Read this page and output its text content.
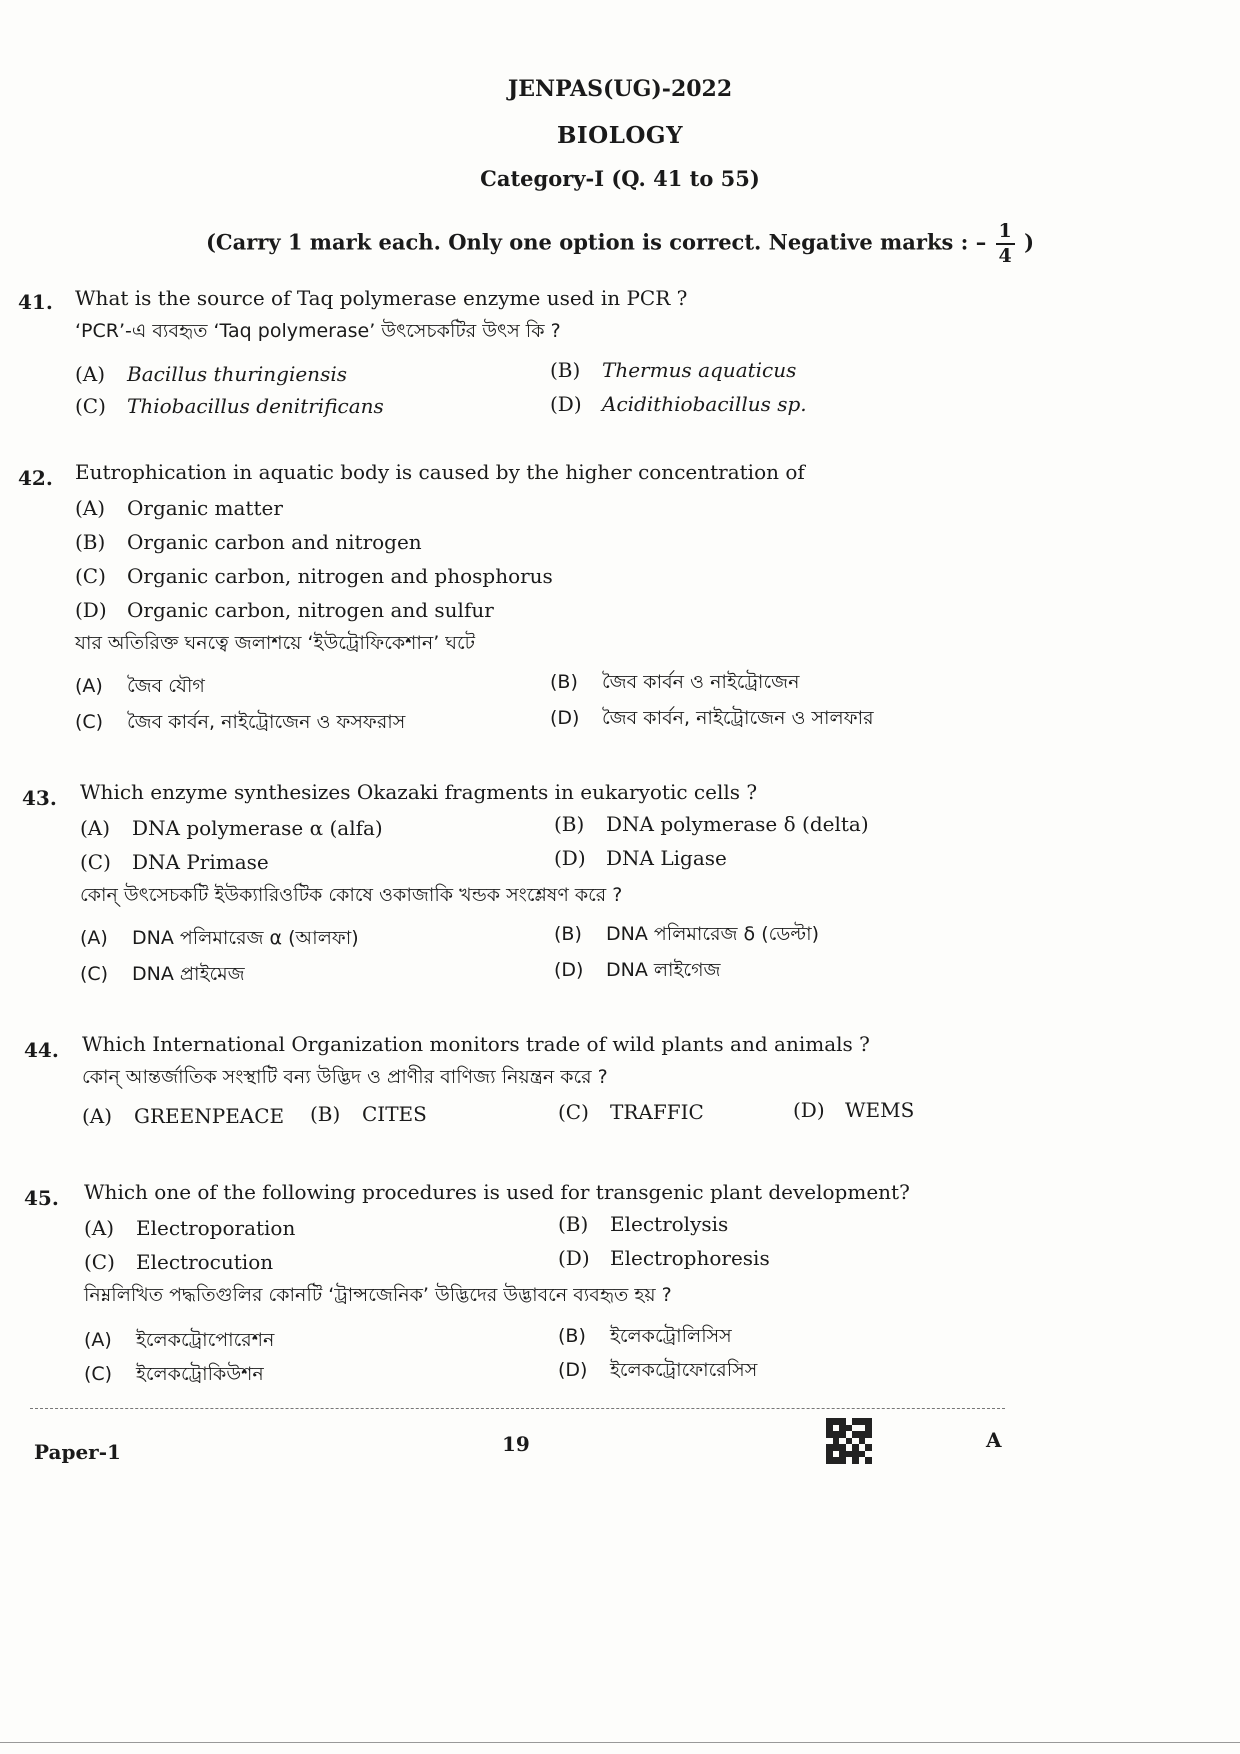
JENPAS(UG)-2022
BIOLOGY
Category-I (Q. 41 to 55)
(Carry 1 mark each. Only one option is correct. Negative marks : – $\frac{1}{4}$ )
41. What is the source of Taq polymerase enzyme used in PCR ?
‘PCR’-এ ব্যবহৃত ‘Taq polymerase’ উৎসেচকটির উৎস কি ?
(A) Bacillus thuringiensis	(B) Thermus aquaticus
(C) Thiobacillus denitrificans	(D) Acidithiobacillus sp.
42. Eutrophication in aquatic body is caused by the higher concentration of
(A) Organic matter
(B) Organic carbon and nitrogen
(C) Organic carbon, nitrogen and phosphorus
(D) Organic carbon, nitrogen and sulfur
যার অতিরিক্ত ঘনত্বে জলাশয়ে ‘ইউট্রোফিকেশান’ ঘটে
(A) জৈব যৌগ	(B) জৈব কার্বন ও নাইট্রোজেন
(C) জৈব কার্বন, নাইট্রোজেন ও ফসফরাস	(D) জৈব কার্বন, নাইট্রোজেন ও সালফার
43. Which enzyme synthesizes Okazaki fragments in eukaryotic cells ?
(A) DNA polymerase α (alfa)	(B) DNA polymerase δ (delta)
(C) DNA Primase	(D) DNA Ligase
কোন্ উৎসেচকটি ইউক্যারিওটিক কোষে ওকাজাকি খন্ডক সংশ্লেষণ করে ?
(A) DNA পলিমারেজ α (আলফা)	(B) DNA পলিমারেজ δ (ডেল্টা)
(C) DNA প্রাইমেজ	(D) DNA লাইগেজ
44. Which International Organization monitors trade of wild plants and animals ?
কোন্ আন্তর্জাতিক সংস্থাটি বন্য উদ্ভিদ ও প্রাণীর বাণিজ্য নিয়ন্ত্রন করে ?
(A) GREENPEACE (B) CITES	(C) TRAFFIC	(D) WEMS
45. Which one of the following procedures is used for transgenic plant development?
(A) Electroporation	(B) Electrolysis
(C) Electrocution	(D) Electrophoresis
নিম্নলিখিত পদ্ধতিগুলির কোনটি ‘ট্রান্সজেনিক’ উদ্ভিদের উদ্ভাবনে ব্যবহৃত হয় ?
(A) ইলেকট্রোপোরেশন	(B) ইলেকট্রোলিসিস
(C) ইলেকট্রোকিউশন	(D) ইলেকট্রোফোরেসিস
Paper-1	19	A
